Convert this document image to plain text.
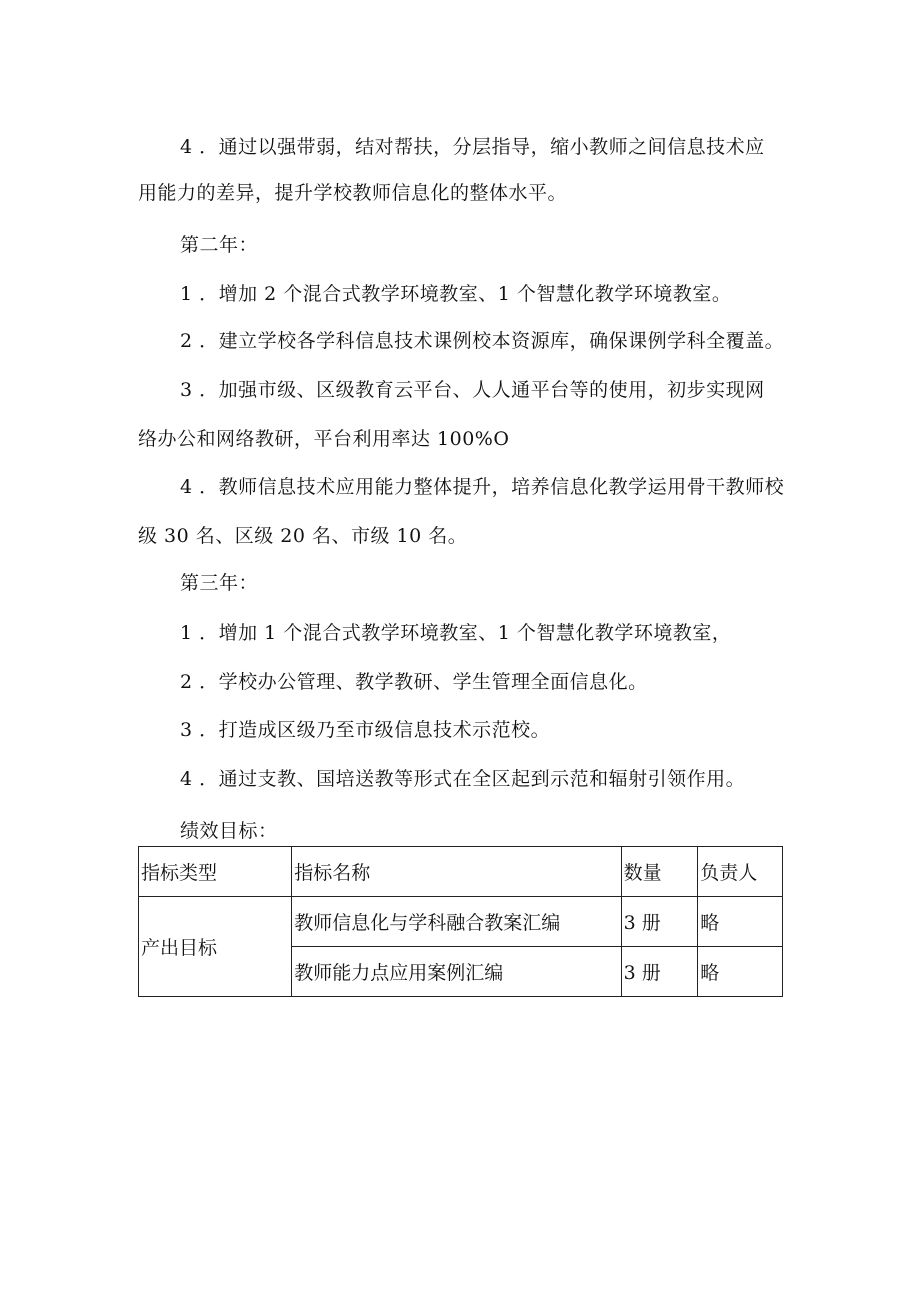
4 ．通过以强带弱，结对帮扶，分层指导，缩小教师之间信息技术应
用能力的差异，提升学校教师信息化的整体水平。
第二年：
1 ．增加 2 个混合式教学环境教室、1 个智慧化教学环境教室。
2 ．建立学校各学科信息技术课例校本资源库，确保课例学科全覆盖。
3 ．加强市级、区级教育云平台、人人通平台等的使用，初步实现网
络办公和网络教研，平台利用率达 100%O
4 ．教师信息技术应用能力整体提升，培养信息化教学运用骨干教师校
级 30 名、区级 20 名、市级 10 名。
第三年：
1 ．增加 1 个混合式教学环境教室、1 个智慧化教学环境教室，
2 ．学校办公管理、教学教研、学生管理全面信息化。
3 ．打造成区级乃至市级信息技术示范校。
4 ．通过支教、国培送教等形式在全区起到示范和辐射引领作用。
绩效目标：
指标类型	指标名称	数量	负责人
产出目标	教师信息化与学科融合教案汇编	3 册	略
	教师能力点应用案例汇编	3 册	略
